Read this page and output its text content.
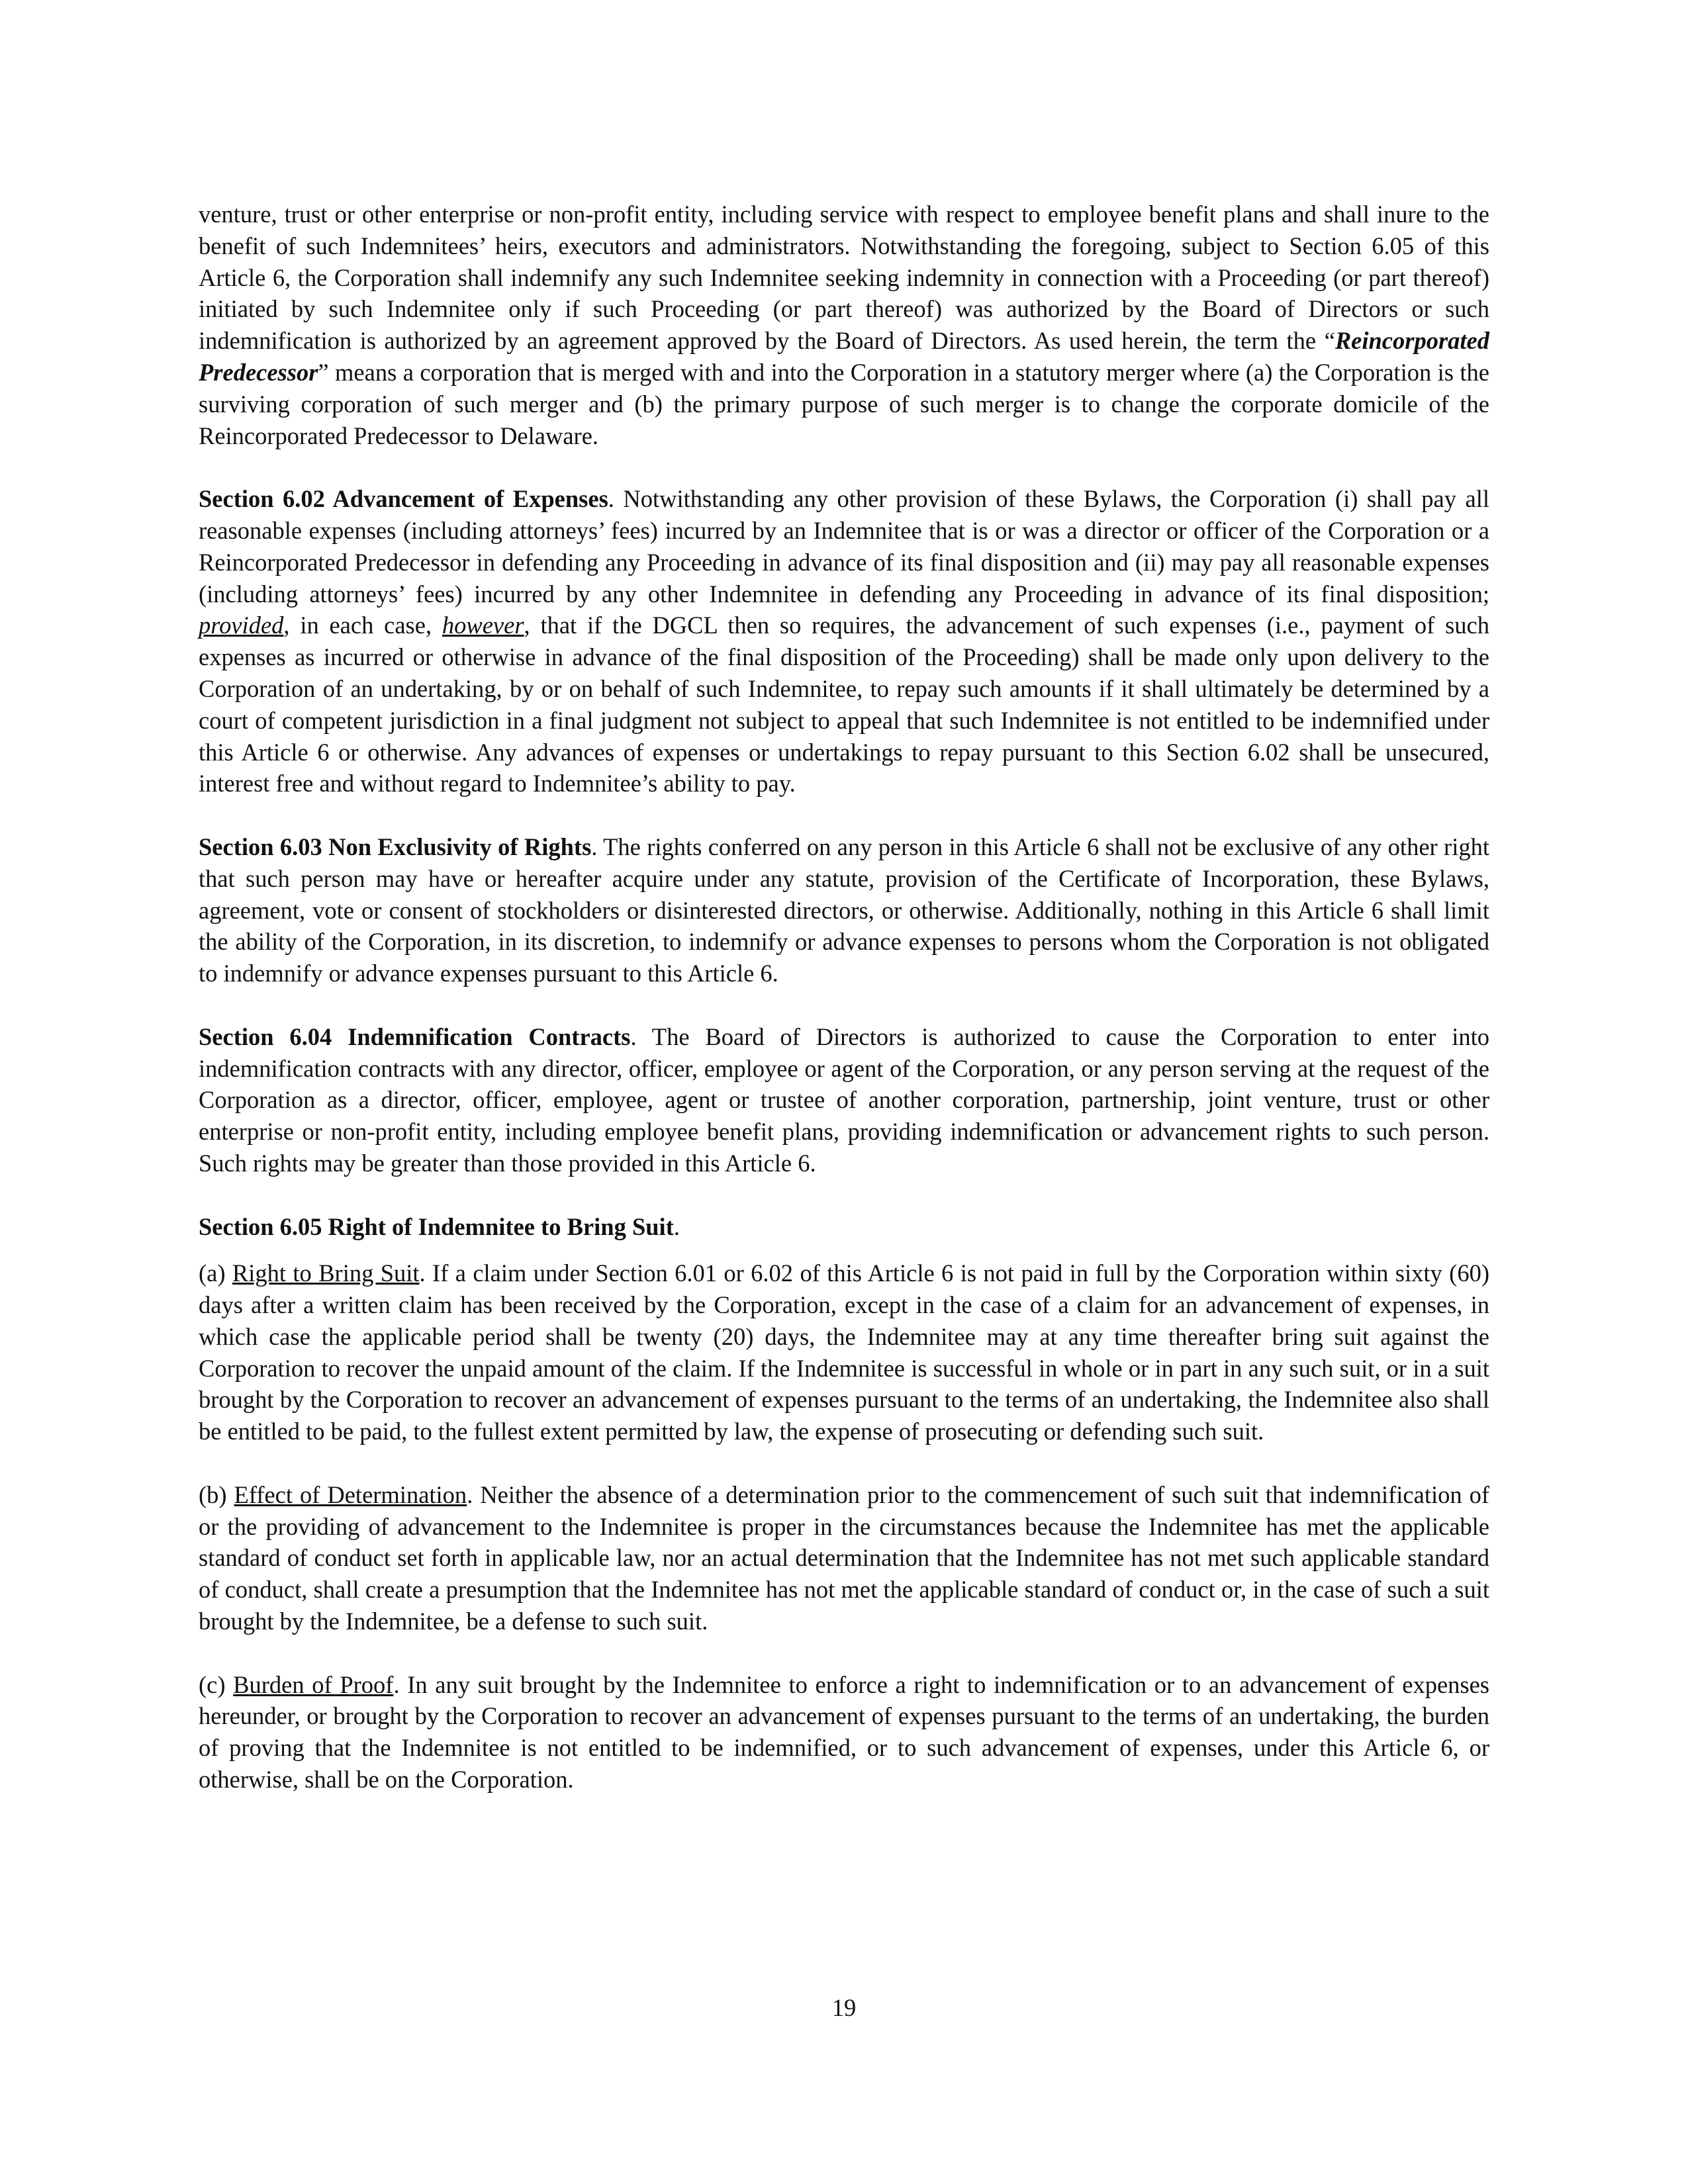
venture, trust or other enterprise or non-profit entity, including service with respect to employee benefit plans and shall inure to the benefit of such Indemnitees’ heirs, executors and administrators. Notwithstanding the foregoing, subject to Section 6.05 of this Article 6, the Corporation shall indemnify any such Indemnitee seeking indemnity in connection with a Proceeding (or part thereof) initiated by such Indemnitee only if such Proceeding (or part thereof) was authorized by the Board of Directors or such indemnification is authorized by an agreement approved by the Board of Directors. As used herein, the term the “Reincorporated Predecessor” means a corporation that is merged with and into the Corporation in a statutory merger where (a) the Corporation is the surviving corporation of such merger and (b) the primary purpose of such merger is to change the corporate domicile of the Reincorporated Predecessor to Delaware.

Section 6.02 Advancement of Expenses. Notwithstanding any other provision of these Bylaws, the Corporation (i) shall pay all reasonable expenses (including attorneys’ fees) incurred by an Indemnitee that is or was a director or officer of the Corporation or a Reincorporated Predecessor in defending any Proceeding in advance of its final disposition and (ii) may pay all reasonable expenses (including attorneys’ fees) incurred by any other Indemnitee in defending any Proceeding in advance of its final disposition; provided, in each case, however, that if the DGCL then so requires, the advancement of such expenses (i.e., payment of such expenses as incurred or otherwise in advance of the final disposition of the Proceeding) shall be made only upon delivery to the Corporation of an undertaking, by or on behalf of such Indemnitee, to repay such amounts if it shall ultimately be determined by a court of competent jurisdiction in a final judgment not subject to appeal that such Indemnitee is not entitled to be indemnified under this Article 6 or otherwise. Any advances of expenses or undertakings to repay pursuant to this Section 6.02 shall be unsecured, interest free and without regard to Indemnitee’s ability to pay.

Section 6.03 Non Exclusivity of Rights. The rights conferred on any person in this Article 6 shall not be exclusive of any other right that such person may have or hereafter acquire under any statute, provision of the Certificate of Incorporation, these Bylaws, agreement, vote or consent of stockholders or disinterested directors, or otherwise. Additionally, nothing in this Article 6 shall limit the ability of the Corporation, in its discretion, to indemnify or advance expenses to persons whom the Corporation is not obligated to indemnify or advance expenses pursuant to this Article 6.

Section 6.04 Indemnification Contracts. The Board of Directors is authorized to cause the Corporation to enter into indemnification contracts with any director, officer, employee or agent of the Corporation, or any person serving at the request of the Corporation as a director, officer, employee, agent or trustee of another corporation, partnership, joint venture, trust or other enterprise or non-profit entity, including employee benefit plans, providing indemnification or advancement rights to such person. Such rights may be greater than those provided in this Article 6.

Section 6.05 Right of Indemnitee to Bring Suit.

(a) Right to Bring Suit. If a claim under Section 6.01 or 6.02 of this Article 6 is not paid in full by the Corporation within sixty (60) days after a written claim has been received by the Corporation, except in the case of a claim for an advancement of expenses, in which case the applicable period shall be twenty (20) days, the Indemnitee may at any time thereafter bring suit against the Corporation to recover the unpaid amount of the claim. If the Indemnitee is successful in whole or in part in any such suit, or in a suit brought by the Corporation to recover an advancement of expenses pursuant to the terms of an undertaking, the Indemnitee also shall be entitled to be paid, to the fullest extent permitted by law, the expense of prosecuting or defending such suit.

(b) Effect of Determination. Neither the absence of a determination prior to the commencement of such suit that indemnification of or the providing of advancement to the Indemnitee is proper in the circumstances because the Indemnitee has met the applicable standard of conduct set forth in applicable law, nor an actual determination that the Indemnitee has not met such applicable standard of conduct, shall create a presumption that the Indemnitee has not met the applicable standard of conduct or, in the case of such a suit brought by the Indemnitee, be a defense to such suit.

(c) Burden of Proof. In any suit brought by the Indemnitee to enforce a right to indemnification or to an advancement of expenses hereunder, or brought by the Corporation to recover an advancement of expenses pursuant to the terms of an undertaking, the burden of proving that the Indemnitee is not entitled to be indemnified, or to such advancement of expenses, under this Article 6, or otherwise, shall be on the Corporation.

19
